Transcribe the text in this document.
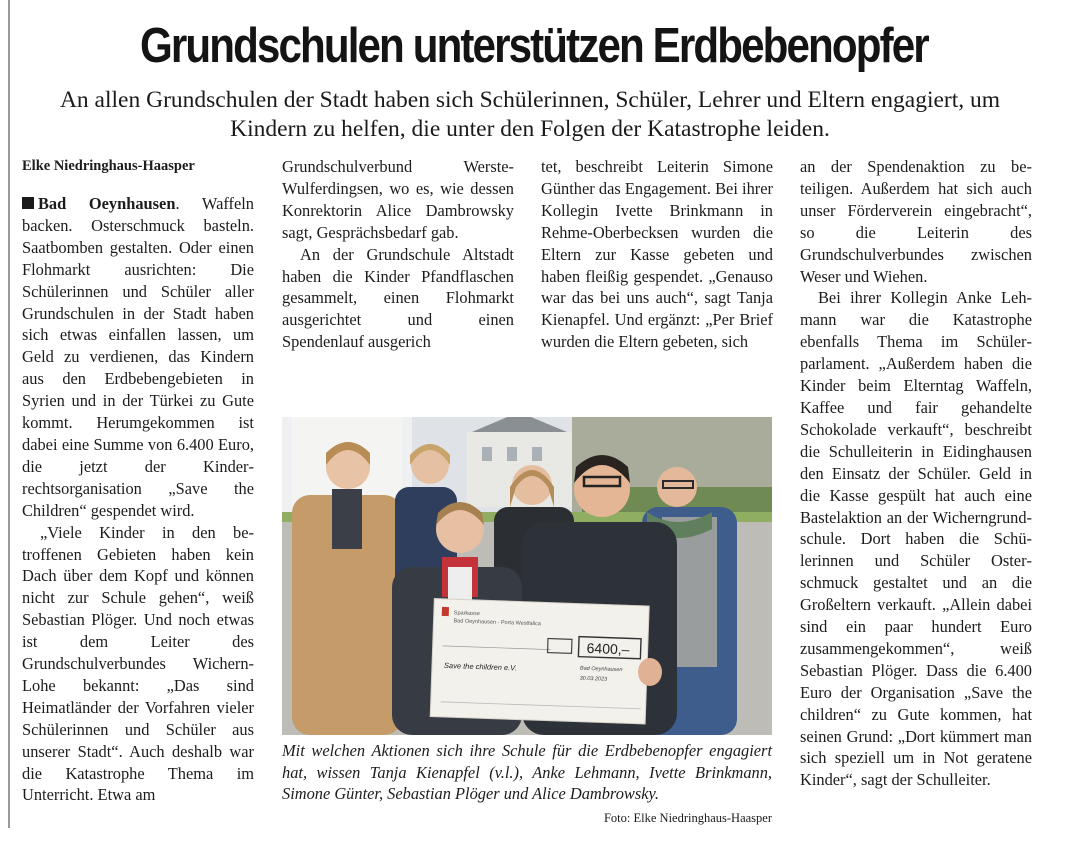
Grundschulen unterstützen Erdbebenopfer
An allen Grundschulen der Stadt haben sich Schülerinnen, Schüler, Lehrer und Eltern engagiert, um Kindern zu helfen, die unter den Folgen der Katastrophe leiden.

Elke Niedringhaus-Haasper

Bad Oeynhausen. Waffeln backen. Osterschmuck basteln. Saatbomben gestalten. Oder einen Flohmarkt ausrichten: Die Schülerinnen und Schüler aller Grundschulen in der Stadt haben sich etwas einfallen lassen, um Geld zu verdienen, das Kindern aus den Erdbebengebieten in Syrien und in der Türkei zu Gute kommt. Herumgekommen ist dabei eine Summe von 6.400 Euro, die jetzt der Kinderrechtsorganisation „Save the Children“ gespendet wird.

„Viele Kinder in den betroffenen Gebieten haben kein Dach über dem Kopf und können nicht zur Schule gehen“, weiß Sebastian Plöger. Und noch etwas ist dem Leiter des Grundschulverbundes Wichern-Lohe bekannt: „Das sind Heimatländer der Vorfahren vieler Schülerinnen und Schüler aus unserer Stadt“. Auch deshalb war die Katastrophe Thema im Unterricht. Etwa am

Grundschulverbund Werste-Wulferdingsen, wo es, wie dessen Konrektorin Alice Dambrowsky sagt, Gesprächsbedarf gab.

An der Grundschule Altstadt haben die Kinder Pfandflaschen gesammelt, einen Flohmarkt ausgerichtet und einen Spendenlauf ausgerich

tet, beschreibt Leiterin Simone Günther das Engagement. Bei ihrer Kollegin Ivette Brinkmann in Rehme-Oberbecksen wurden die Eltern zur Kasse gebeten und haben fleißig gespendet. „Genauso war das bei uns auch“, sagt Tanja Kienapfel. Und ergänzt: „Per Brief wurden die Eltern gebeten, sich

an der Spendenaktion zu beteiligen. Außerdem hat sich auch unser Förderverein eingebracht“, so die Leiterin des Grundschulverbundes zwischen Weser und Wiehen.

Bei ihrer Kollegin Anke Lehmann war die Katastrophe ebenfalls Thema im Schülerparlament. „Außerdem haben die Kinder beim Elterntag Waffeln, Kaffee und fair gehandelte Schokolade verkauft“, beschreibt die Schulleiterin in Eidinghausen den Einsatz der Schüler. Geld in die Kasse gespült hat auch eine Bastelaktion an der Wicherngrundschule. Dort haben die Schülerinnen und Schüler Osterschmuck gestaltet und an die Großeltern verkauft. „Allein dabei sind ein paar hundert Euro zusammengekommen“, weiß Sebastian Plöger. Dass die 6.400 Euro der Organisation „Save the children“ zu Gute kommen, hat seinen Grund: „Dort kümmert man sich speziell um in Not geratene Kinder“, sagt der Schulleiter.

Sparkasse
Bad Oeynhausen - Porta Westfalica
6400,–
Save the children e.V.	Bad Oeynhausen
30.03.2023
Mit welchen Aktionen sich ihre Schule für die Erdbebenopfer engagiert hat, wissen Tanja Kienapfel (v.l.), Anke Lehmann, Ivette Brinkmann, Simone Günter, Sebastian Plöger und Alice Dambrowsky.
Foto: Elke Niedringhaus-Haasper
